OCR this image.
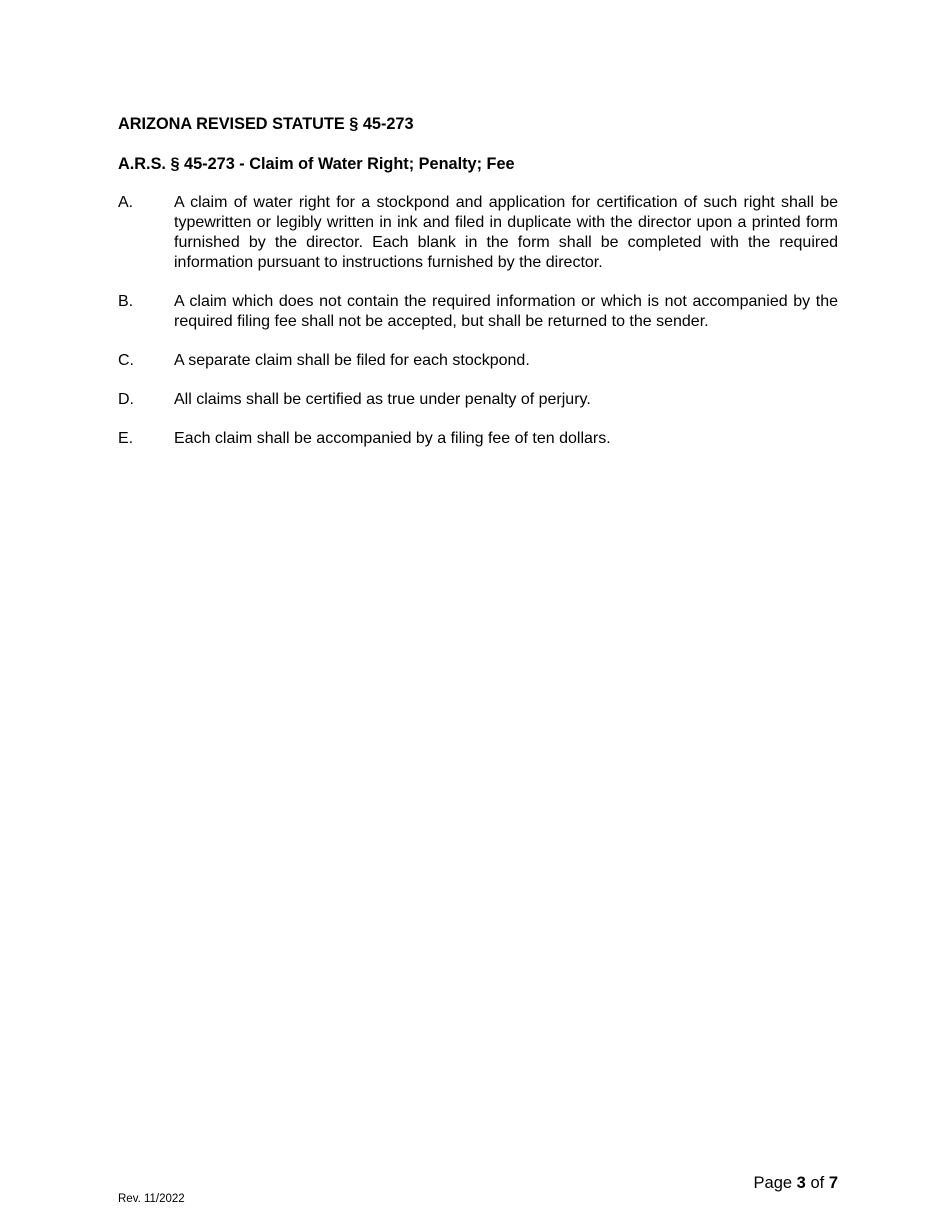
ARIZONA REVISED STATUTE § 45-273
A.R.S. § 45-273 - Claim of Water Right; Penalty; Fee
A.	A claim of water right for a stockpond and application for certification of such right shall be typewritten or legibly written in ink and filed in duplicate with the director upon a printed form furnished by the director. Each blank in the form shall be completed with the required information pursuant to instructions furnished by the director.
B.	A claim which does not contain the required information or which is not accompanied by the required filing fee shall not be accepted, but shall be returned to the sender.
C.	A separate claim shall be filed for each stockpond.
D.	All claims shall be certified as true under penalty of perjury.
E.	Each claim shall be accompanied by a filing fee of ten dollars.
Page 3 of 7
Rev. 11/2022
